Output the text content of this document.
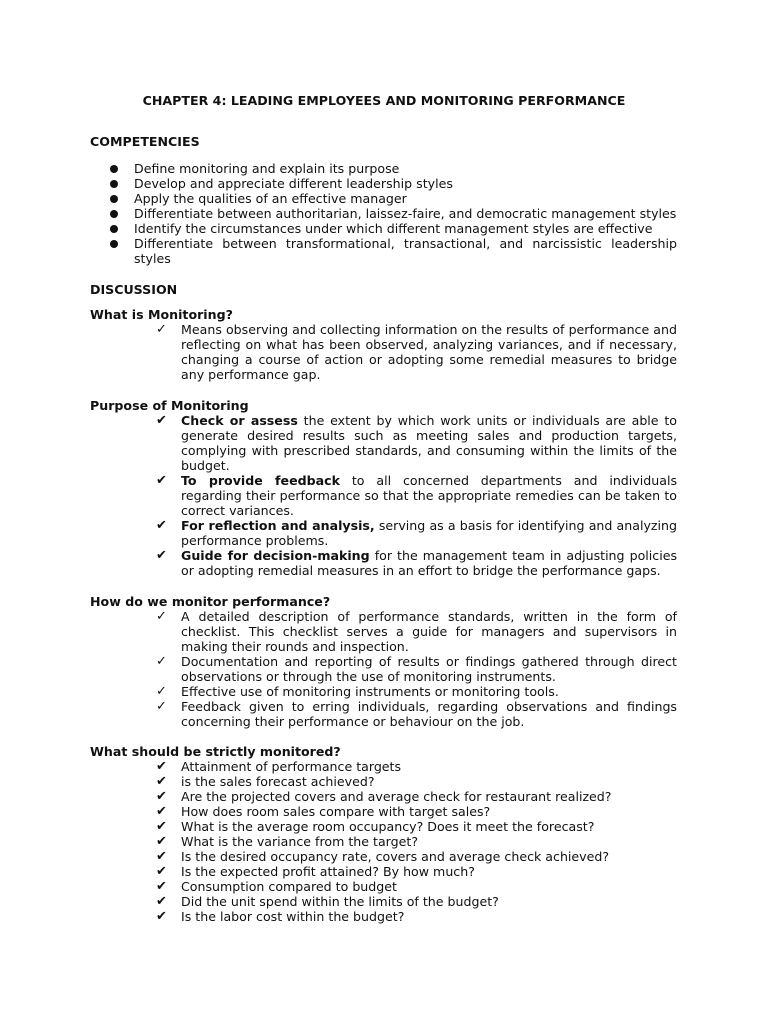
CHAPTER 4: LEADING EMPLOYEES AND MONITORING PERFORMANCE
COMPETENCIES
Define monitoring and explain its purpose
Develop and appreciate different leadership styles
Apply the qualities of an effective manager
Differentiate between authoritarian, laissez-faire, and democratic management styles
Identify the circumstances under which different management styles are effective
Differentiate between transformational, transactional, and narcissistic leadership styles
DISCUSSION
What is Monitoring?
✓ Means observing and collecting information on the results of performance and reflecting on what has been observed, analyzing variances, and if necessary, changing a course of action or adopting some remedial measures to bridge any performance gap.
Purpose of Monitoring
✔ Check or assess the extent by which work units or individuals are able to generate desired results such as meeting sales and production targets, complying with prescribed standards, and consuming within the limits of the budget.
✔ To provide feedback to all concerned departments and individuals regarding their performance so that the appropriate remedies can be taken to correct variances.
✔ For reflection and analysis, serving as a basis for identifying and analyzing performance problems.
✔ Guide for decision-making for the management team in adjusting policies or adopting remedial measures in an effort to bridge the performance gaps.
How do we monitor performance?
✓ A detailed description of performance standards, written in the form of checklist. This checklist serves a guide for managers and supervisors in making their rounds and inspection.
✓ Documentation and reporting of results or findings gathered through direct observations or through the use of monitoring instruments.
✓ Effective use of monitoring instruments or monitoring tools.
✓ Feedback given to erring individuals, regarding observations and findings concerning their performance or behaviour on the job.
What should be strictly monitored?
✔ Attainment of performance targets
✔ is the sales forecast achieved?
✔ Are the projected covers and average check for restaurant realized?
✔ How does room sales compare with target sales?
✔ What is the average room occupancy? Does it meet the forecast?
✔ What is the variance from the target?
✔ Is the desired occupancy rate, covers and average check achieved?
✔ Is the expected profit attained? By how much?
✔ Consumption compared to budget
✔ Did the unit spend within the limits of the budget?
✔ Is the labor cost within the budget?
